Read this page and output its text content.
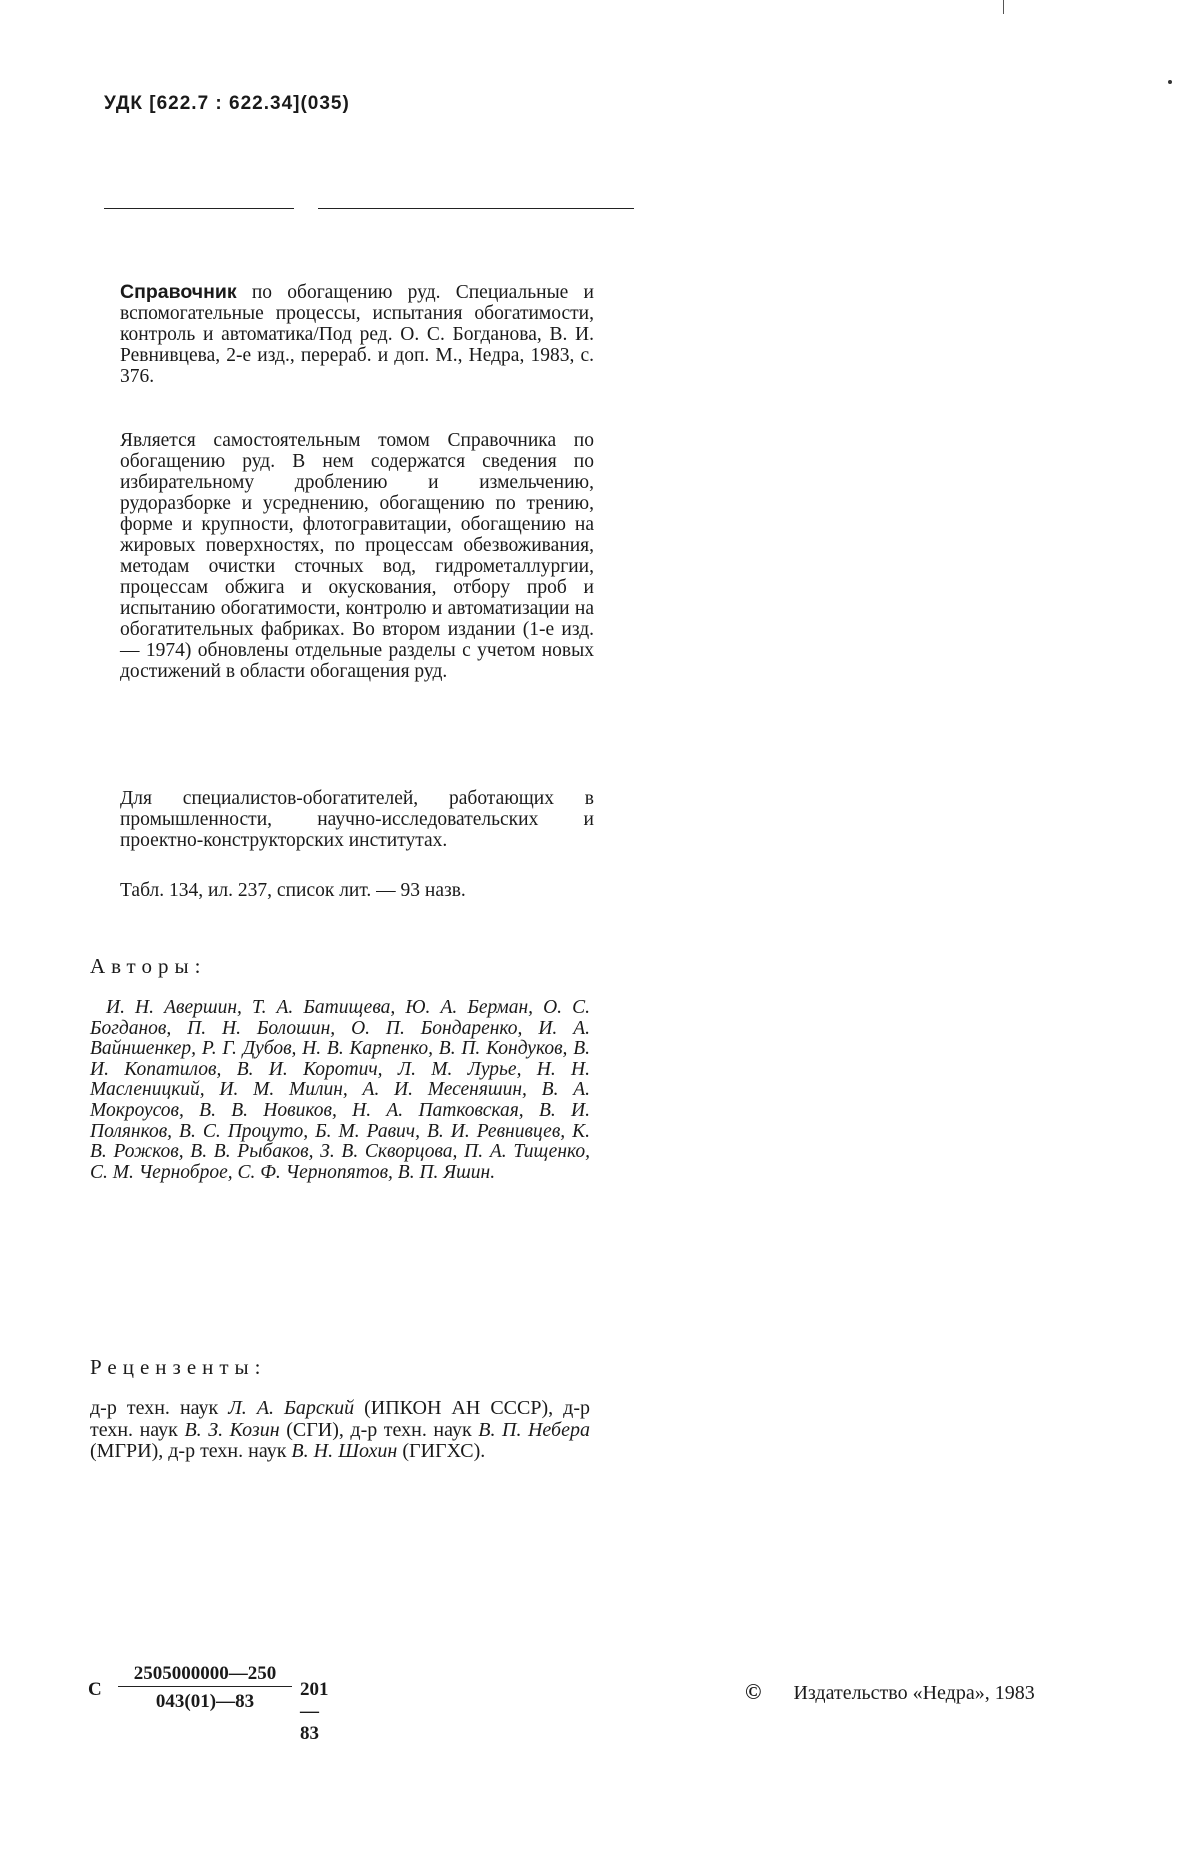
УДК [622.7 : 622.34](035)

Справочник по обогащению руд. Специальные и вспомогательные процессы, испытания обогатимости, контроль и автоматика/Под ред. О. С. Богданова, В. И. Ревнивцева, 2-е изд., перераб. и доп. М., Недра, 1983, с. 376.

Является самостоятельным томом Справочника по обогащению руд. В нем содержатся сведения по избирательному дроблению и измельчению, рудоразборке и усреднению, обогащению по трению, форме и крупности, флотогравитации, обогащению на жировых поверхностях, по процессам обезвоживания, методам очистки сточных вод, гидрометаллургии, процессам обжига и окускования, отбору проб и испытанию обогатимости, контролю и автоматизации на обогатительных фабриках. Во втором издании (1-е изд. — 1974) обновлены отдельные разделы с учетом новых достижений в области обогащения руд.

Для специалистов-обогатителей, работающих в промышленности, научно-исследовательских и проектно-конструкторских институтах.

Табл. 134, ил. 237, список лит. — 93 назв.

Авторы:
И. Н. Авершин, Т. А. Батищева, Ю. А. Берман, О. С. Богданов, П. Н. Болошин, О. П. Бондаренко, И. А. Вайншенкер, Р. Г. Дубов, Н. В. Карпенко, В. П. Кондуков, В. И. Копатилов, В. И. Коротич, Л. М. Лурье, Н. Н. Масленицкий, И. М. Милин, А. И. Месеняшин, В. А. Мокроусов, В. В. Новиков, Н. А. Патковская, В. И. Полянков, В. С. Процуто, Б. М. Равич, В. И. Ревнивцев, К. В. Рожков, В. В. Рыбаков, З. В. Скворцова, П. А. Тищенко, С. М. Черноброе, С. Ф. Чернопятов, В. П. Яшин.
Рецензенты:
д-р техн. наук Л. А. Барский (ИПКОН АН СССР), д-р техн. наук В. З. Козин (СГИ), д-р техн. наук В. П. Небера (МГРИ), д-р техн. наук В. Н. Шохин (ГИГХС).
С
2505000000—250
043(01)—83
201—83
© Издательство «Недра», 1983
